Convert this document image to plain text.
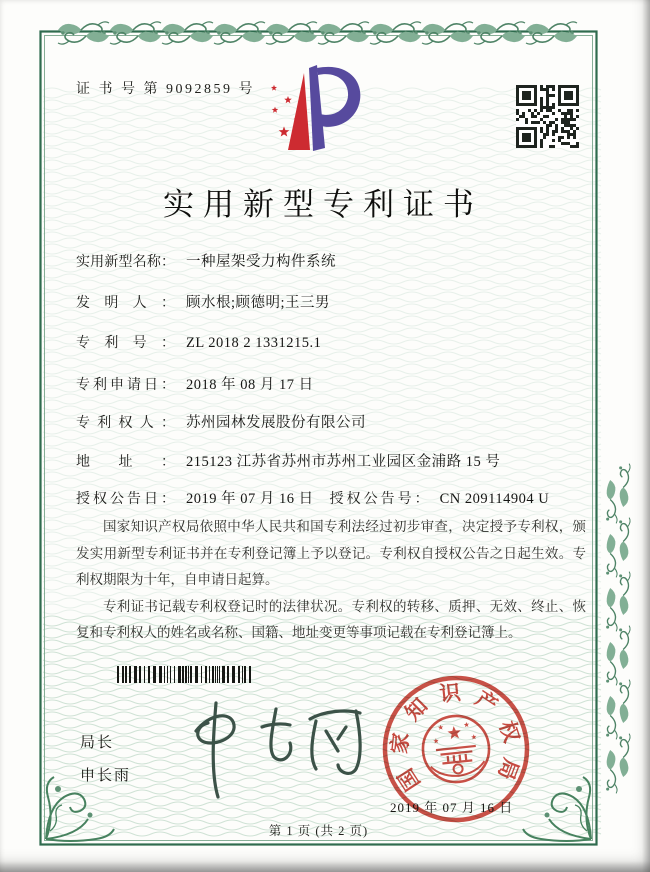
证 书 号 第 9092859 号
实用新型专利证书
实用新型名称： 一种屋架受力构件系统
发明人： 顾水根;顾德明;王三男
专利号： ZL 2018 2 1331215.1
专利申请日： 2018 年 08 月 17 日
专利权人： 苏州园林发展股份有限公司
地址： 215123 江苏省苏州市苏州工业园区金浦路 15 号
授权公告日： 2019 年 07 月 16 日 授权公告号： CN 209114904 U

国家知识产权局依照中华人民共和国专利法经过初步审查，决定授予专利权，颁发实用新型专利证书并在专利登记簿上予以登记。专利权自授权公告之日起生效。专利权期限为十年，自申请日起算。

专利证书记载专利权登记时的法律状况。专利权的转移、质押、无效、终止、恢复和专利权人的姓名或名称、国籍、地址变更等事项记载在专利登记簿上。

国
家
知
识 产
权
局
2019 年 07 月 16 日
局长
申长雨
第 1 页 (共 2 页)
